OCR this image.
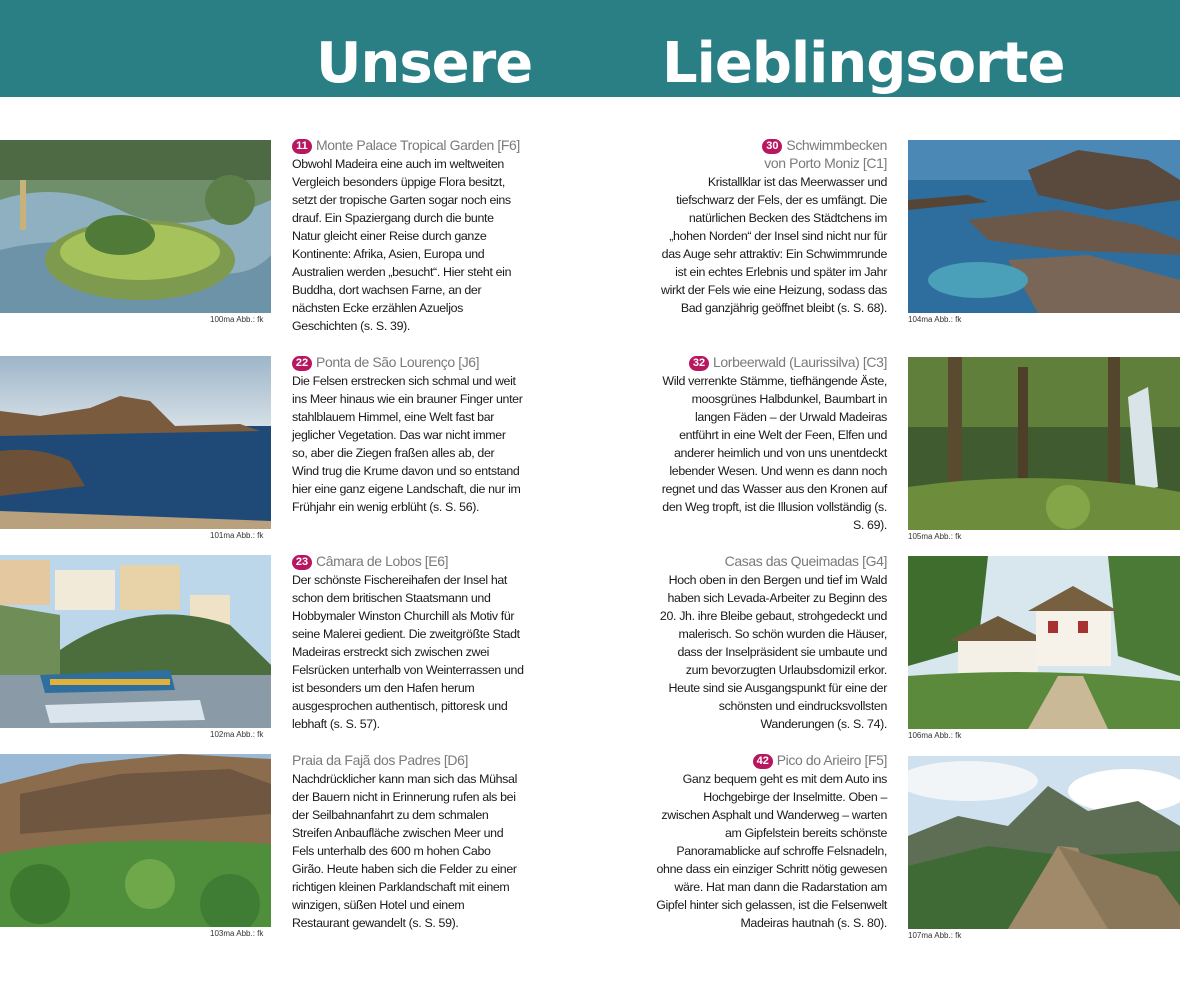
Unsere Lieblingsorte
100ma Abb.: fk
101ma Abb.: fk
102ma Abb.: fk
103ma Abb.: fk
104ma Abb.: fk
105ma Abb.: fk
106ma Abb.: fk
107ma Abb.: fk
11 Monte Palace Tropical Garden [F6]
Obwohl Madeira eine auch im weltweiten Vergleich besonders üppige Flora besitzt, setzt der tropische Garten sogar noch eins drauf. Ein Spaziergang durch die bunte Natur gleicht einer Reise durch ganze Kontinente: Afrika, Asien, Europa und Australien werden „besucht“. Hier steht ein Buddha, dort wachsen Farne, an der nächsten Ecke erzählen Azueljos Geschichten (s. S. 39).
22 Ponta de São Lourenço [J6]
Die Felsen erstrecken sich schmal und weit ins Meer hinaus wie ein brauner Finger unter stahlblauem Himmel, eine Welt fast bar jeglicher Vegetation. Das war nicht immer so, aber die Ziegen fraßen alles ab, der Wind trug die Krume davon und so entstand hier eine ganz eigene Landschaft, die nur im Frühjahr ein wenig erblüht (s. S. 56).
23 Câmara de Lobos [E6]
Der schönste Fischereihafen der Insel hat schon dem britischen Staatsmann und Hobbymaler Winston Churchill als Motiv für seine Malerei gedient. Die zweitgrößte Stadt Madeiras erstreckt sich zwischen zwei Felsrücken unterhalb von Weinterrassen und ist besonders um den Hafen herum ausgesprochen authentisch, pittoresk und lebhaft (s. S. 57).
Praia da Fajã dos Padres [D6]
Nachdrücklicher kann man sich das Mühsal der Bauern nicht in Erinnerung rufen als bei der Seilbahnanfahrt zu dem schmalen Streifen Anbaufläche zwischen Meer und Fels unterhalb des 600 m hohen Cabo Girão. Heute haben sich die Felder zu einer richtigen kleinen Parklandschaft mit einem winzigen, süßen Hotel und einem Restaurant gewandelt (s. S. 59).
30 Schwimmbecken
von Porto Moniz [C1]
Kristallklar ist das Meerwasser und tiefschwarz der Fels, der es umfängt. Die natürlichen Becken des Städtchens im „hohen Norden“ der Insel sind nicht nur für das Auge sehr attraktiv: Ein Schwimmrunde ist ein echtes Erlebnis und später im Jahr wirkt der Fels wie eine Heizung, sodass das Bad ganzjährig geöffnet bleibt (s. S. 68).
32 Lorbeerwald (Laurissilva) [C3]
Wild verrenkte Stämme, tiefhängende Äste, moosgrünes Halbdunkel, Baumbart in langen Fäden – der Urwald Madeiras entführt in eine Welt der Feen, Elfen und anderer heimlich und von uns unentdeckt lebender Wesen. Und wenn es dann noch regnet und das Wasser aus den Kronen auf den Weg tropft, ist die Illusion vollständig (s. S. 69).
Casas das Queimadas [G4]
Hoch oben in den Bergen und tief im Wald haben sich Levada-Arbeiter zu Beginn des 20. Jh. ihre Bleibe gebaut, strohgedeckt und malerisch. So schön wurden die Häuser, dass der Inselpräsident sie umbaute und zum bevorzugten Urlaubsdomizil erkor. Heute sind sie Ausgangspunkt für eine der schönsten und eindrucksvollsten Wanderungen (s. S. 74).
42 Pico do Arieiro [F5]
Ganz bequem geht es mit dem Auto ins Hochgebirge der Inselmitte. Oben – zwischen Asphalt und Wanderweg – warten am Gipfelstein bereits schönste Panoramablicke auf schroffe Felsnadeln, ohne dass ein einziger Schritt nötig gewesen wäre. Hat man dann die Radarstation am Gipfel hinter sich gelassen, ist die Felsenwelt Madeiras hautnah (s. S. 80).
